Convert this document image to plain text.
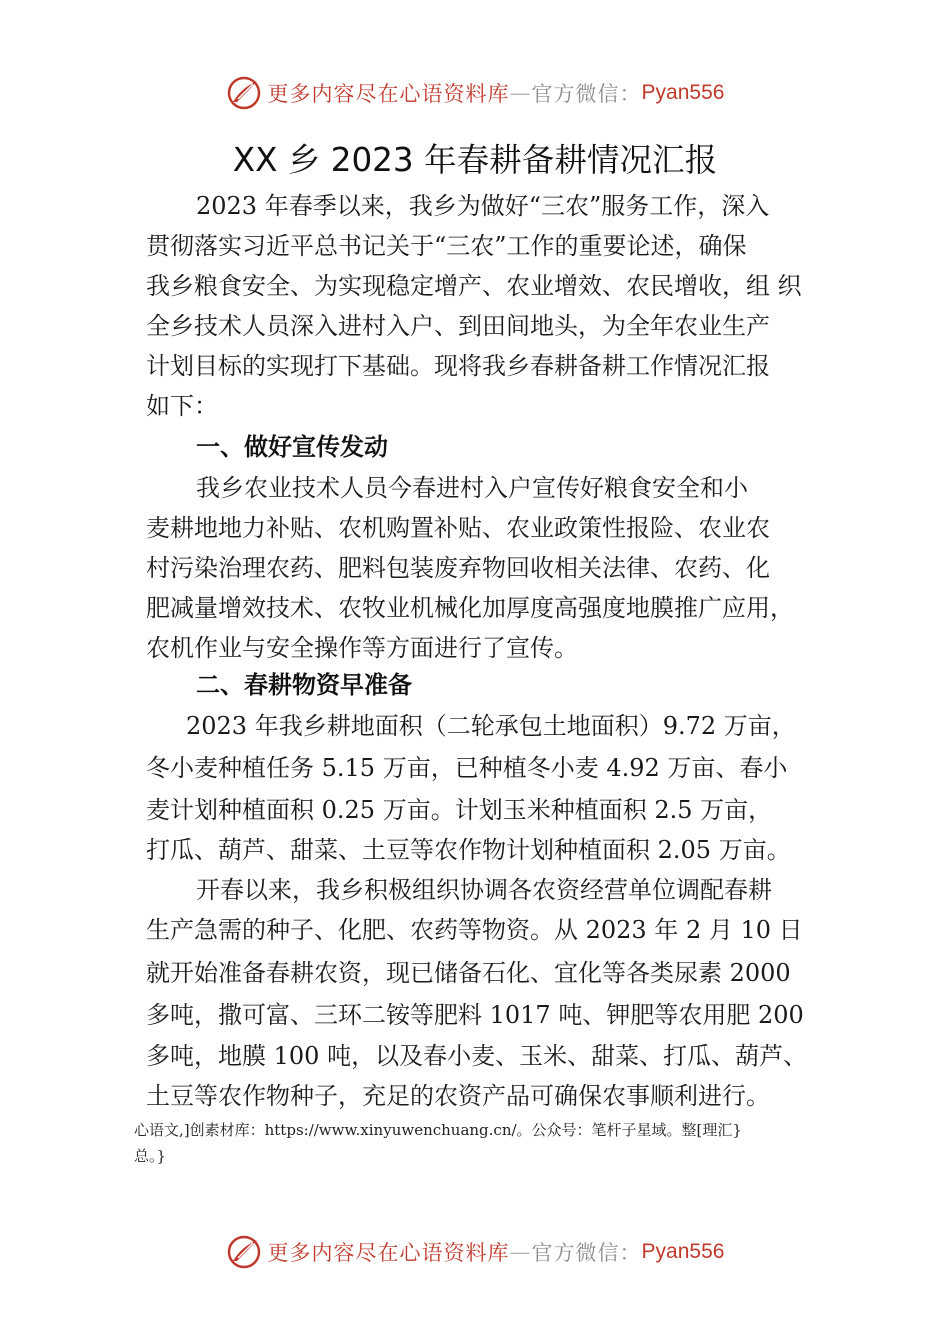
更多内容尽在心语资料库 — 官方微信： Pyan556
XX 乡 2023 年春耕备耕情况汇报
2023 年春季以来，我乡为做好“三农”服务工作，深入
贯彻落实习近平总书记关于“三农”工作的重要论述，确保
我乡粮食安全、为实现稳定增产、农业增效、农民增收，组 织
全乡技术人员深入进村入户、到田间地头，为全年农业生产
计划目标的实现打下基础。现将我乡春耕备耕工作情况汇报
如下：
一、做好宣传发动
我乡农业技术人员今春进村入户宣传好粮食安全和小
麦耕地地力补贴、农机购置补贴、农业政策性报险、农业农
村污染治理农药、肥料包装废弃物回收相关法律、农药、化
肥减量增效技术、农牧业机械化加厚度高强度地膜推广应用，
农机作业与安全操作等方面进行了宣传。
二、春耕物资早准备
2023 年我乡耕地面积（二轮承包土地面积）9.72 万亩，
冬小麦种植任务 5.15 万亩，已种植冬小麦 4.92 万亩、春小
麦计划种植面积 0.25 万亩。计划玉米种植面积 2.5 万亩，
打瓜、葫芦、甜菜、土豆等农作物计划种植面积 2.05 万亩。
开春以来，我乡积极组织协调各农资经营单位调配春耕
生产急需的种子、化肥、农药等物资。从 2023 年 2 月 10 日
就开始准备春耕农资，现已储备石化、宜化等各类尿素 2000
多吨，撒可富、三环二铵等肥料 1017 吨、钾肥等农用肥 200
多吨，地膜 100 吨，以及春小麦、玉米、甜菜、打瓜、葫芦、
土豆等农作物种子，充足的农资产品可确保农事顺利进行。
心语文,]创素材库：https://www.xinyuwenchuang.cn/。公众号：笔杆子星域。整[理汇}
总。}
更多内容尽在心语资料库 — 官方微信： Pyan556
